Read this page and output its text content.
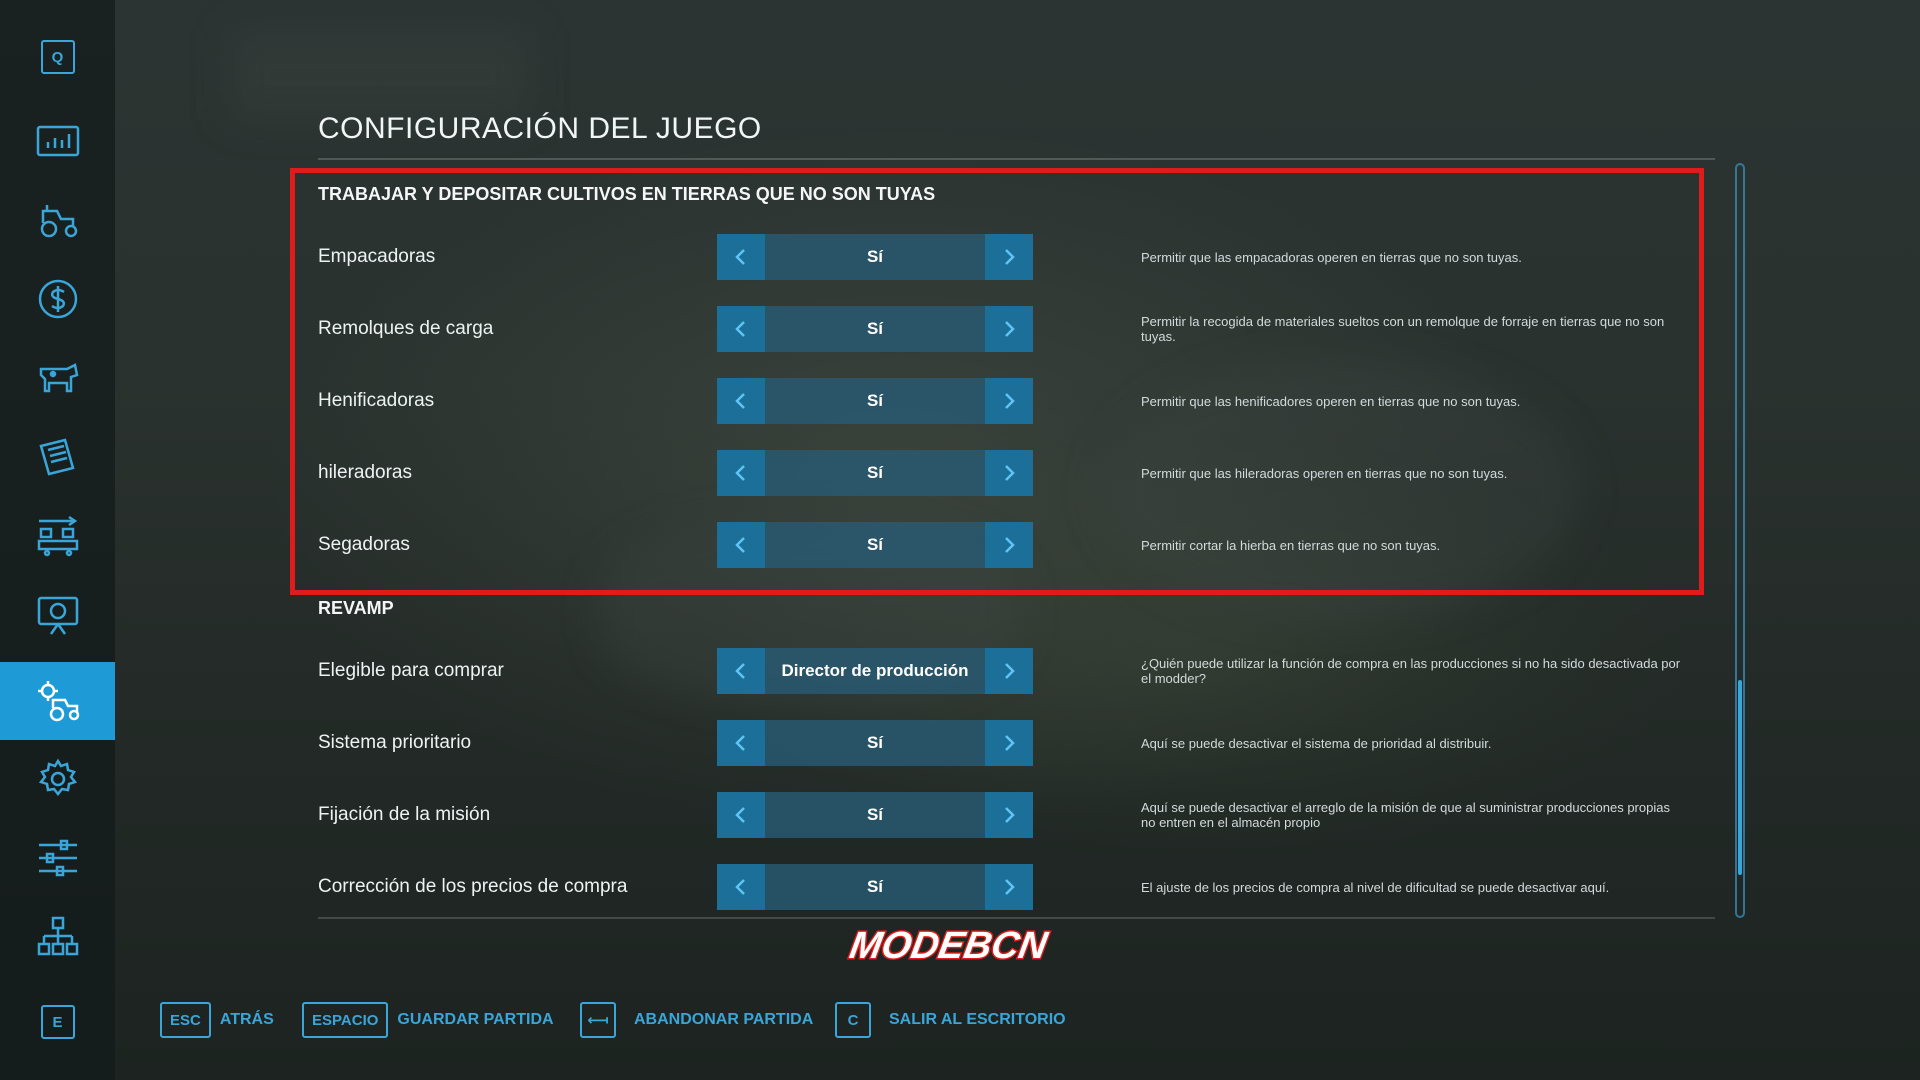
Q
E
CONFIGURACIÓN DEL JUEGO
TRABAJAR Y DEPOSITAR CULTIVOS EN TIERRAS QUE NO SON TUYAS
Empacadoras	Sí	Permitir que las empacadoras operen en tierras que no son tuyas.
Remolques de carga	Sí	Permitir la recogida de materiales sueltos con un remolque de forraje en tierras que no son tuyas.
Henificadoras	Sí	Permitir que las henificadores operen en tierras que no son tuyas.
hileradoras	Sí	Permitir que las hileradoras operen en tierras que no son tuyas.
Segadoras	Sí	Permitir cortar la hierba en tierras que no son tuyas.
REVAMP
Elegible para comprar	Director de producción	¿Quién puede utilizar la función de compra en las producciones si no ha sido desactivada por el modder?
Sistema prioritario	Sí	Aquí se puede desactivar el sistema de prioridad al distribuir.
Fijación de la misión	Sí	Aquí se puede desactivar el arreglo de la misión de que al suministrar producciones propias no entren en el almacén propio
Corrección de los precios de compra	Sí	El ajuste de los precios de compra al nivel de dificultad se puede desactivar aquí.
MODEBCN
ESC	ATRÁS	ESPACIO	GUARDAR PARTIDA	⟻	ABANDONAR PARTIDA	C	SALIR AL ESCRITORIO
